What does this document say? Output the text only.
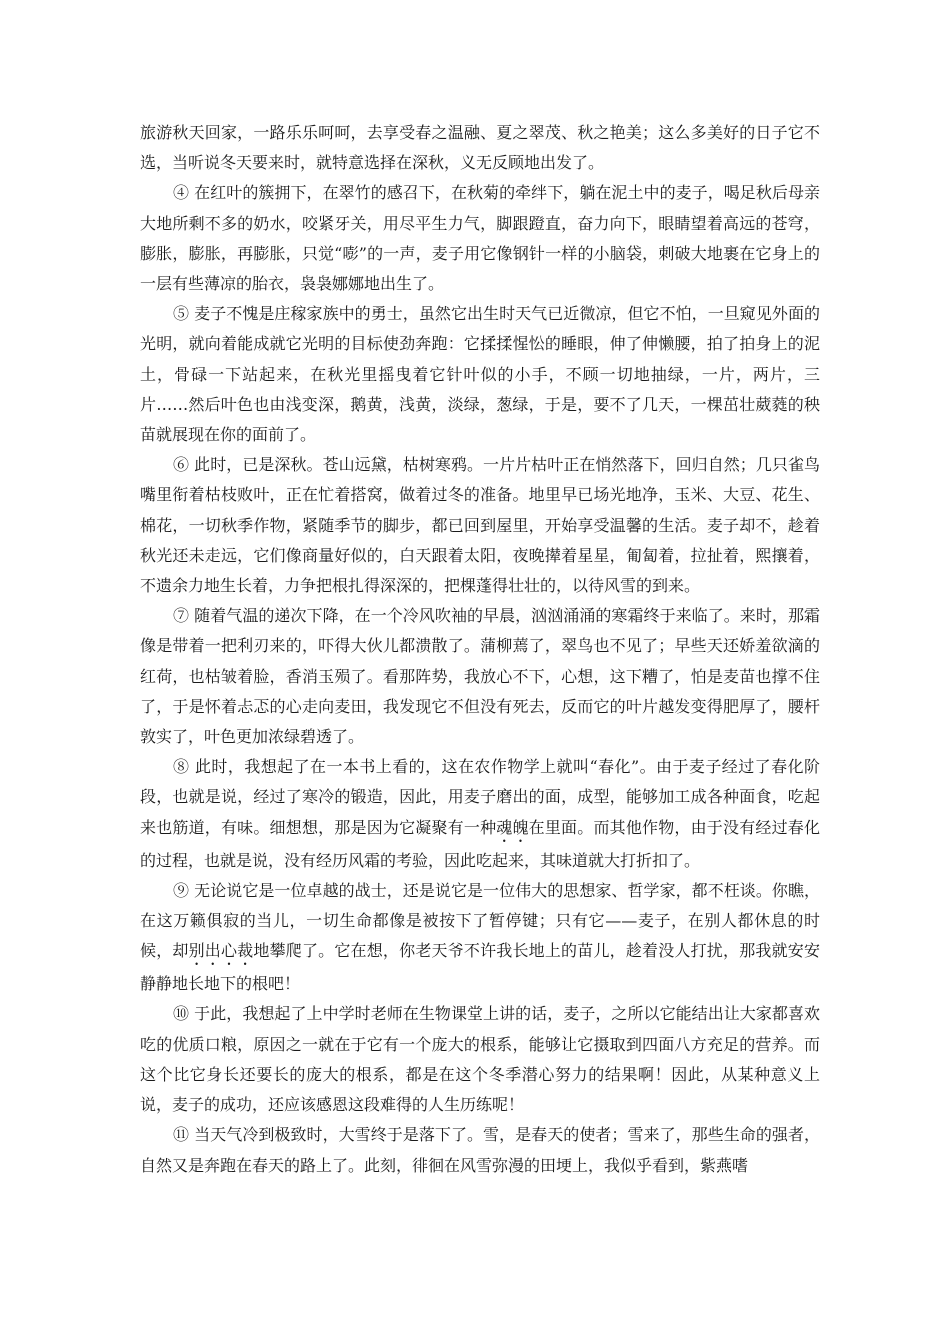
旅游秋天回家，一路乐乐呵呵，去享受春之温融、夏之翠茂、秋之艳美；这么多美好的日子它不选，当听说冬天要来时，就特意选择在深秋，义无反顾地出发了。

④ 在红叶的簇拥下，在翠竹的感召下，在秋菊的牵绊下，躺在泥土中的麦子，喝足秋后母亲大地所剩不多的奶水，咬紧牙关，用尽平生力气，脚跟蹬直，奋力向下，眼睛望着高远的苍穹，膨胀，膨胀，再膨胀，只觉“嘭”的一声，麦子用它像钢针一样的小脑袋，刺破大地裹在它身上的一层有些薄凉的胎衣，袅袅娜娜地出生了。

⑤ 麦子不愧是庄稼家族中的勇士，虽然它出生时天气已近微凉，但它不怕，一旦窥见外面的光明，就向着能成就它光明的目标使劲奔跑：它揉揉惺忪的睡眼，伸了伸懒腰，拍了拍身上的泥土，骨碌一下站起来，在秋光里摇曳着它针叶似的小手，不顾一切地抽绿，一片，两片，三片……然后叶色也由浅变深，鹅黄，浅黄，淡绿，葱绿，于是，要不了几天，一棵茁壮葳蕤的秧苗就展现在你的面前了。

⑥ 此时，已是深秋。苍山远黛，枯树寒鸦。一片片枯叶正在悄然落下，回归自然；几只雀鸟嘴里衔着枯枝败叶，正在忙着搭窝，做着过冬的准备。地里早已场光地净，玉米、大豆、花生、棉花，一切秋季作物，紧随季节的脚步，都已回到屋里，开始享受温馨的生活。麦子却不，趁着秋光还未走远，它们像商量好似的，白天跟着太阳，夜晚撵着星星，匍匐着，拉扯着，熙攘着，不遗余力地生长着，力争把根扎得深深的，把棵蓬得壮壮的，以待风雪的到来。

⑦ 随着气温的递次下降，在一个冷风吹袖的早晨，汹汹涌涌的寒霜终于来临了。来时，那霜像是带着一把利刃来的，吓得大伙儿都溃散了。蒲柳蔫了，翠鸟也不见了；早些天还娇羞欲滴的红荷，也枯皱着脸，香消玉殒了。看那阵势，我放心不下，心想，这下糟了，怕是麦苗也撑不住了，于是怀着忐忑的心走向麦田，我发现它不但没有死去，反而它的叶片越发变得肥厚了，腰杆敦实了，叶色更加浓绿碧透了。

⑧ 此时，我想起了在一本书上看的，这在农作物学上就叫“春化”。由于麦子经过了春化阶段，也就是说，经过了寒冷的锻造，因此，用麦子磨出的面，成型，能够加工成各种面食，吃起来也筋道，有味。细想想，那是因为它凝聚有一种魂魄在里面。而其他作物，由于没有经过春化的过程，也就是说，没有经历风霜的考验，因此吃起来，其味道就大打折扣了。

⑨ 无论说它是一位卓越的战士，还是说它是一位伟大的思想家、哲学家，都不枉谈。你瞧，在这万籁俱寂的当儿，一切生命都像是被按下了暂停键；只有它——麦子，在别人都休息的时候，却别出心裁地攀爬了。它在想，你老天爷不许我长地上的苗儿，趁着没人打扰，那我就安安静静地长地下的根吧！

⑩ 于此，我想起了上中学时老师在生物课堂上讲的话，麦子，之所以它能结出让大家都喜欢吃的优质口粮，原因之一就在于它有一个庞大的根系，能够让它摄取到四面八方充足的营养。而这个比它身长还要长的庞大的根系，都是在这个冬季潜心努力的结果啊！因此，从某种意义上说，麦子的成功，还应该感恩这段难得的人生历练呢！

⑪ 当天气冷到极致时，大雪终于是落下了。雪，是春天的使者；雪来了，那些生命的强者，自然又是奔跑在春天的路上了。此刻，徘徊在风雪弥漫的田埂上，我似乎看到，紫燕嗜
